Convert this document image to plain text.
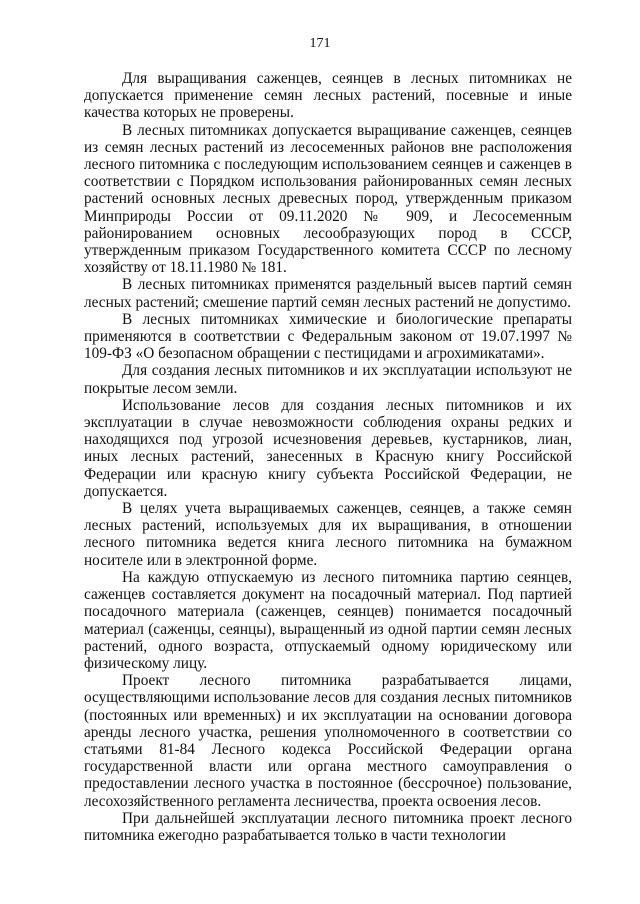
171

Для выращивания саженцев, сеянцев в лесных питомниках не допускается применение семян лесных растений, посевные и иные качества которых не проверены.

В лесных питомниках допускается выращивание саженцев, сеянцев из семян лесных растений из лесосеменных районов вне расположения лесного питомника с последующим использованием сеянцев и саженцев в соответствии с Порядком использования районированных семян лесных растений основных лесных древесных пород, утвержденным приказом Минприроды России от 09.11.2020 № 909, и Лесосеменным районированием основных лесообразующих пород в СССР, утвержденным приказом Государственного комитета СССР по лесному хозяйству от 18.11.1980 № 181.

В лесных питомниках применятся раздельный высев партий семян лесных растений; смешение партий семян лесных растений не допустимо.

В лесных питомниках химические и биологические препараты применяются в соответствии с Федеральным законом от 19.07.1997 № 109-ФЗ «О безопасном обращении с пестицидами и агрохимикатами».

Для создания лесных питомников и их эксплуатации используют не покрытые лесом земли.

Использование лесов для создания лесных питомников и их эксплуатации в случае невозможности соблюдения охраны редких и находящихся под угрозой исчезновения деревьев, кустарников, лиан, иных лесных растений, занесенных в Красную книгу Российской Федерации или красную книгу субъекта Российской Федерации, не допускается.

В целях учета выращиваемых саженцев, сеянцев, а также семян лесных растений, используемых для их выращивания, в отношении лесного питомника ведется книга лесного питомника на бумажном носителе или в электронной форме.

На каждую отпускаемую из лесного питомника партию сеянцев, саженцев составляется документ на посадочный материал. Под партией посадочного материала (саженцев, сеянцев) понимается посадочный материал (саженцы, сеянцы), выращенный из одной партии семян лесных растений, одного возраста, отпускаемый одному юридическому или физическому лицу.

Проект лесного питомника разрабатывается лицами, осуществляющими использование лесов для создания лесных питомников (постоянных или временных) и их эксплуатации на основании договора аренды лесного участка, решения уполномоченного в соответствии со статьями 81-84 Лесного кодекса Российской Федерации органа государственной власти или органа местного самоуправления о предоставлении лесного участка в постоянное (бессрочное) пользование, лесохозяйственного регламента лесничества, проекта освоения лесов.

При дальнейшей эксплуатации лесного питомника проект лесного питомника ежегодно разрабатывается только в части технологии
